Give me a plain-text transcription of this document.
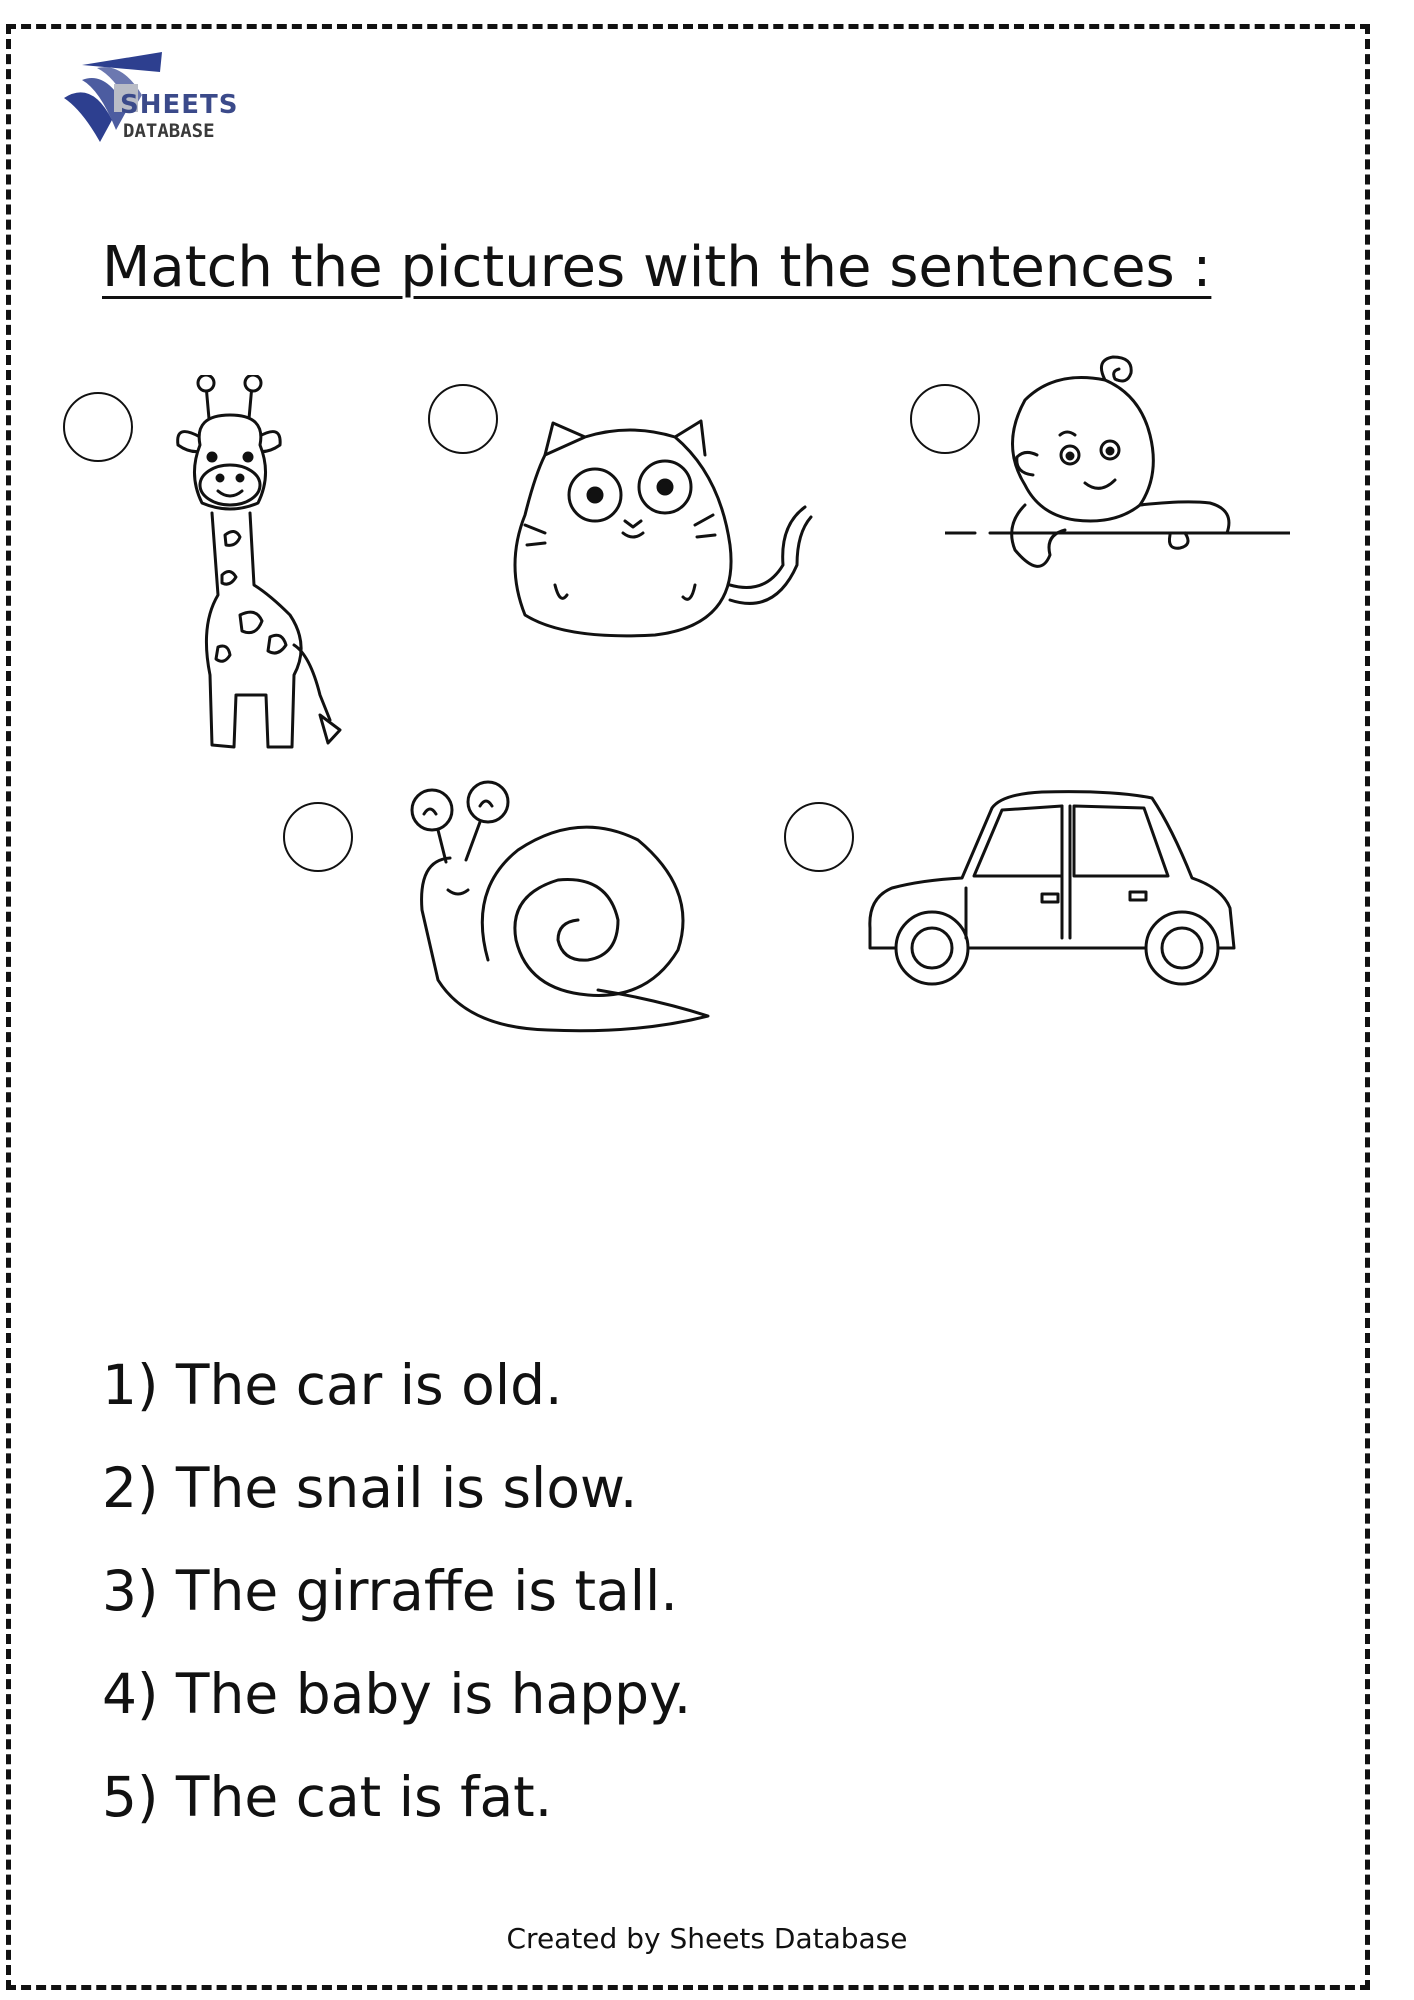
SHEETS
DATABASE
Match the pictures with the sentences :
1) The car is old.
2) The snail is slow.
3) The girraffe is tall.
4) The baby is happy.
5) The cat is fat.
Created by Sheets Database
